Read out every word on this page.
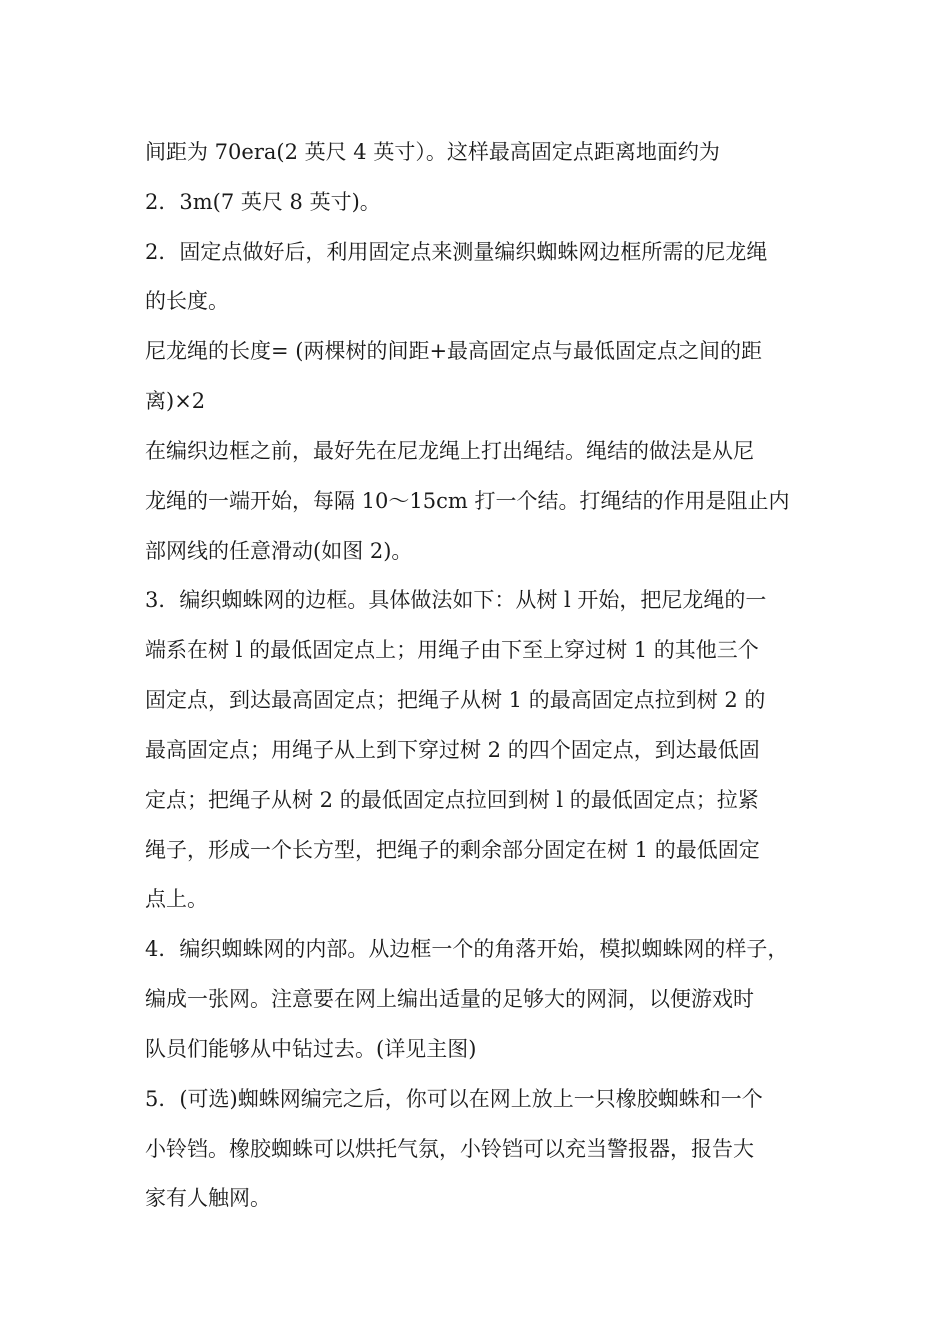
间距为 70era(2 英尺 4 英寸）。这样最高固定点距离地面约为
2．3m(7 英尺 8 英寸)。
2．固定点做好后，利用固定点来测量编织蜘蛛网边框所需的尼龙绳
的长度。
尼龙绳的长度= (两棵树的间距+最高固定点与最低固定点之间的距
离)×2
在编织边框之前，最好先在尼龙绳上打出绳结。绳结的做法是从尼
龙绳的一端开始，每隔 10～15cm 打一个结。打绳结的作用是阻止内
部网线的任意滑动(如图 2)。
3．编织蜘蛛网的边框。具体做法如下：从树 l 开始，把尼龙绳的一
端系在树 l 的最低固定点上；用绳子由下至上穿过树 1 的其他三个
固定点，到达最高固定点；把绳子从树 1 的最高固定点拉到树 2 的
最高固定点；用绳子从上到下穿过树 2 的四个固定点，到达最低固
定点；把绳子从树 2 的最低固定点拉回到树 l 的最低固定点；拉紧
绳子，形成一个长方型，把绳子的剩余部分固定在树 1 的最低固定
点上。
4．编织蜘蛛网的内部。从边框一个的角落开始，模拟蜘蛛网的样子，
编成一张网。注意要在网上编出适量的足够大的网洞，以便游戏时
队员们能够从中钻过去。(详见主图)
5．(可选)蜘蛛网编完之后，你可以在网上放上一只橡胶蜘蛛和一个
小铃铛。橡胶蜘蛛可以烘托气氛，小铃铛可以充当警报器，报告大
家有人触网。
